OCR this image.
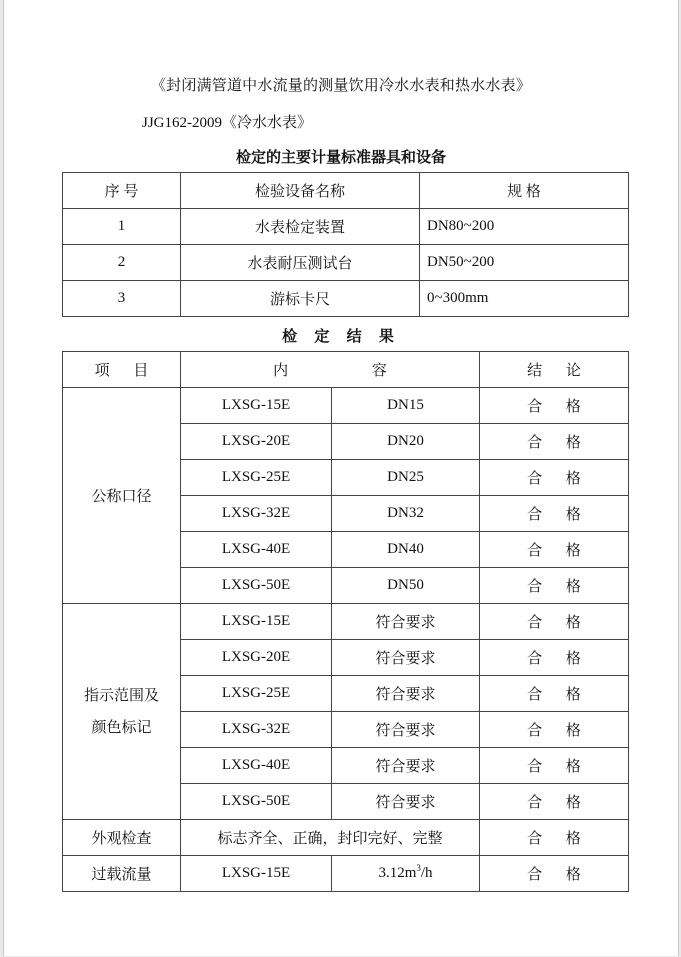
《封闭满管道中水流量的测量饮用冷水水表和热水水表》
JJG162-2009《冷水水表》
检定的主要计量标准器具和设备
序 号	检验设备名称	规 格
1	水表检定装置	DN80~200
2	水表耐压测试台	DN50~200
3	游标卡尺	0~300mm
检 定 结 果
项 目	内 容		结 论
公称口径	LXSG-15E	DN15	合 格
	LXSG-20E	DN20	合 格
	LXSG-25E	DN25	合 格
	LXSG-32E	DN32	合 格
	LXSG-40E	DN40	合 格
	LXSG-50E	DN50	合 格

指示范围及
颜色标记	LXSG-15E	符合要求	合 格
	LXSG-20E	符合要求	合 格
	LXSG-25E	符合要求	合 格
	LXSG-32E	符合要求	合 格
	LXSG-40E	符合要求	合 格
	LXSG-50E	符合要求	合 格
外观检查	标志齐全、正确，封印完好、完整		合 格
过载流量	LXSG-15E	$3.12m^3/h$	合 格
